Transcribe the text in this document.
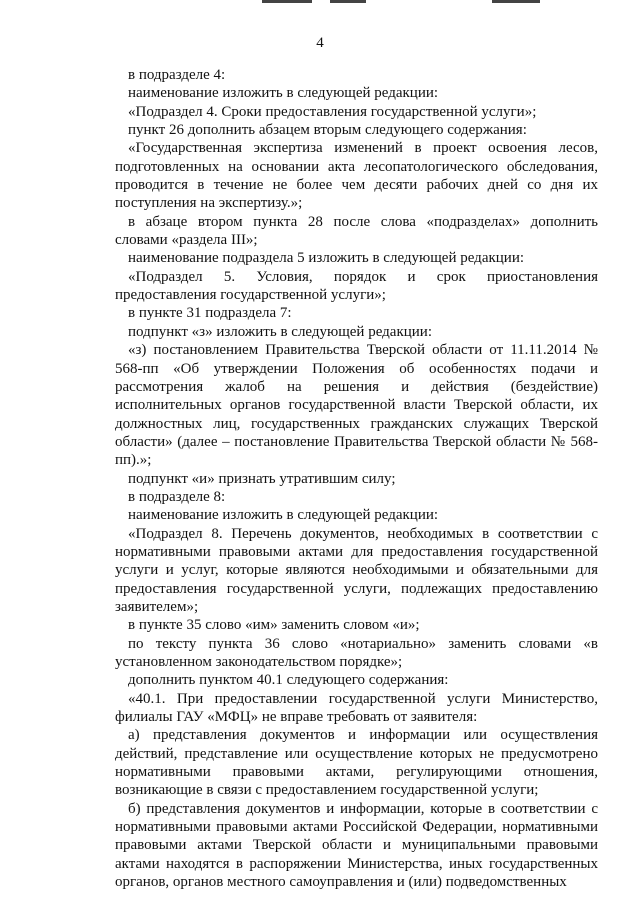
4

в подразделе 4:

наименование изложить в следующей редакции:

«Подраздел 4. Сроки предоставления государственной услуги»;

пункт 26 дополнить абзацем вторым следующего содержания:

«Государственная экспертиза изменений в проект освоения лесов, подготовленных на основании акта лесопатологического обследования, проводится в течение не более чем десяти рабочих дней со дня их поступления на экспертизу.»;

в абзаце втором пункта 28 после слова «подразделах» дополнить словами «раздела III»;

наименование подраздела 5 изложить в следующей редакции:

«Подраздел 5. Условия, порядок и срок приостановления предоставления государственной услуги»;

в пункте 31 подраздела 7:

подпункт «з» изложить в следующей редакции:

«з) постановлением Правительства Тверской области от 11.11.2014 № 568-пп «Об утверждении Положения об особенностях подачи и рассмотрения жалоб на решения и действия (бездействие) исполнительных органов государственной власти Тверской области, их должностных лиц, государственных гражданских служащих Тверской области» (далее – постановление Правительства Тверской области № 568-пп).»;

подпункт «и» признать утратившим силу;

в подразделе 8:

наименование изложить в следующей редакции:

«Подраздел 8. Перечень документов, необходимых в соответствии с нормативными правовыми актами для предоставления государственной услуги и услуг, которые являются необходимыми и обязательными для предоставления государственной услуги, подлежащих предоставлению заявителем»;

в пункте 35 слово «им» заменить словом «и»;

по тексту пункта 36 слово «нотариально» заменить словами «в установленном законодательством порядке»;

дополнить пунктом 40.1 следующего содержания:

«40.1. При предоставлении государственной услуги Министерство, филиалы ГАУ «МФЦ» не вправе требовать от заявителя:

а) представления документов и информации или осуществления действий, представление или осуществление которых не предусмотрено нормативными правовыми актами, регулирующими отношения, возникающие в связи с предоставлением государственной услуги;

б) представления документов и информации, которые в соответствии с нормативными правовыми актами Российской Федерации, нормативными правовыми актами Тверской области и муниципальными правовыми актами находятся в распоряжении Министерства, иных государственных органов, органов местного самоуправления и (или) подведомственных
